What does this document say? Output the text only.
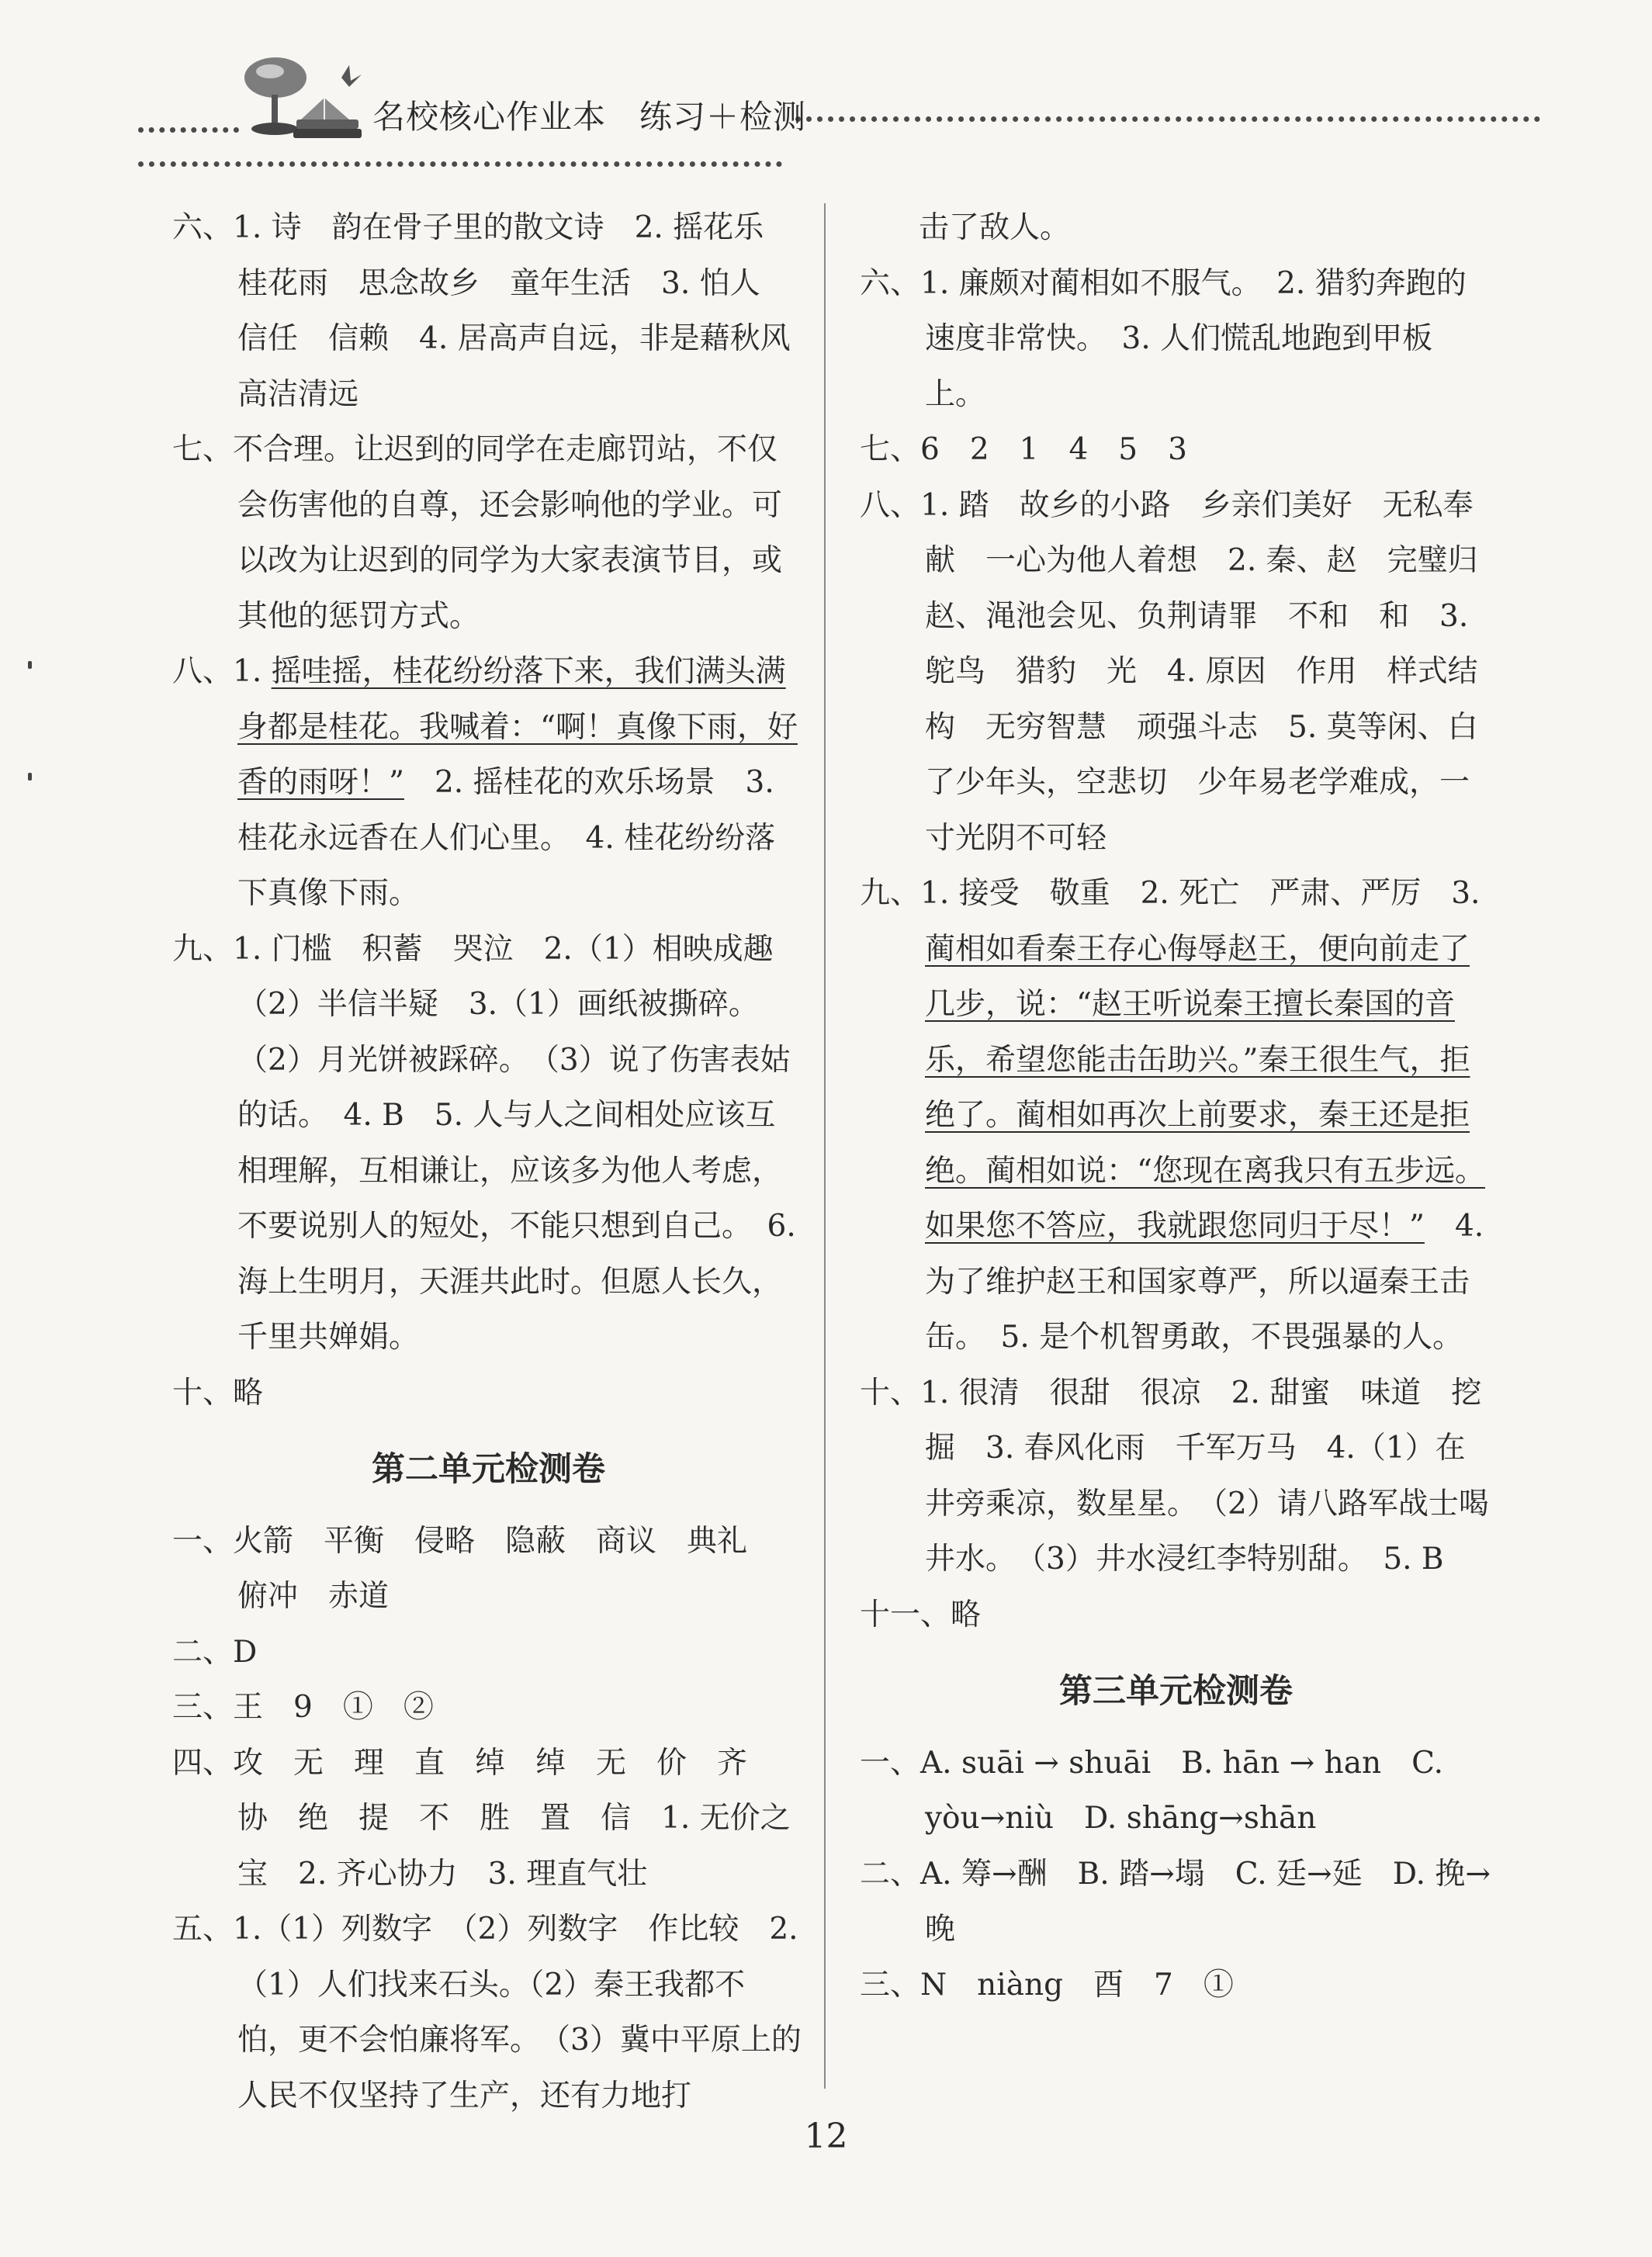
名校核心作业本　练习＋检测

六、1. 诗　韵在骨子里的散文诗　2. 摇花乐　桂花雨　思念故乡　童年生活　3. 怕人　信任　信赖　4. 居高声自远，非是藉秋风　高洁清远

七、不合理。让迟到的同学在走廊罚站，不仅会伤害他的自尊，还会影响他的学业。可以改为让迟到的同学为大家表演节目，或其他的惩罚方式。

八、1. 摇哇摇，桂花纷纷落下来，我们满头满身都是桂花。我喊着：“啊！真像下雨，好香的雨呀！”　2. 摇桂花的欢乐场景　3. 桂花永远香在人们心里。　4. 桂花纷纷落下真像下雨。

九、1. 门槛　积蓄　哭泣　2.（1）相映成趣（2）半信半疑　3.（1）画纸被撕碎。（2）月光饼被踩碎。　（3）说了伤害表姑的话。　4. B　5. 人与人之间相处应该互相理解，互相谦让，应该多为他人考虑，不要说别人的短处，不能只想到自己。　6. 海上生明月，天涯共此时。但愿人长久，千里共婵娟。

十、略

第二单元检测卷

一、火箭　平衡　侵略　隐蔽　商议　典礼　俯冲　赤道

二、D

三、王　9　①　②

四、攻　无　理　直　绰　绰　无　价　齐　协　绝　提　不　胜　置　信　1. 无价之宝　2. 齐心协力　3. 理直气壮

五、1.（1）列数字　（2）列数字　作比较　2.（1）人们找来石头。（2）秦王我都不怕，更不会怕廉将军。　（3）冀中平原上的人民不仅坚持了生产，还有力地打

击了敌人。

六、1. 廉颇对蔺相如不服气。　2. 猎豹奔跑的速度非常快。　3. 人们慌乱地跑到甲板上。

七、6　2　1　4　5　3

八、1. 踏　故乡的小路　乡亲们美好　无私奉献　一心为他人着想　2. 秦、赵　完璧归赵、渑池会见、负荆请罪　不和　和　3. 鸵鸟　猎豹　光　4. 原因　作用　样式结构　无穷智慧　顽强斗志　5. 莫等闲、白了少年头，空悲切　少年易老学难成，一寸光阴不可轻

九、1. 接受　敬重　2. 死亡　严肃、严厉　3. 蔺相如看秦王存心侮辱赵王，便向前走了几步，说：“赵王听说秦王擅长秦国的音乐，希望您能击缶助兴。”秦王很生气，拒绝了。蔺相如再次上前要求，秦王还是拒绝。蔺相如说：“您现在离我只有五步远。如果您不答应，我就跟您同归于尽！”　4. 为了维护赵王和国家尊严，所以逼秦王击缶。　5. 是个机智勇敢，不畏强暴的人。

十、1. 很清　很甜　很凉　2. 甜蜜　味道　挖掘　3. 春风化雨　千军万马　4.（1）在井旁乘凉，数星星。　（2）请八路军战士喝井水。　（3）井水浸红李特别甜。　5. B

十一、略

第三单元检测卷

一、A. suāi → shuāi　B. hān → han　C. yòu→niù　D. shāng→shān

二、A. 筹→酬　B. 踏→塌　C. 廷→延　D. 挽→晚

三、N　niàng　酉　7　①

12
